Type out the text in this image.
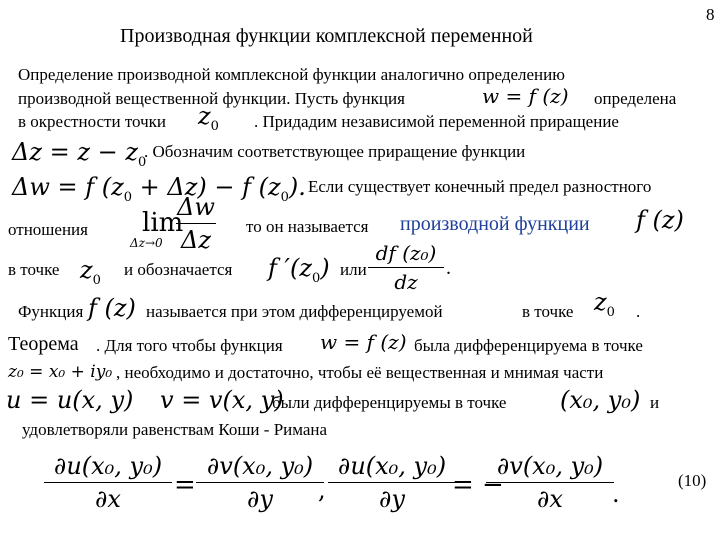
8
Производная функции комплексной переменной
Определение производной комплексной функции аналогично определению
производной вещественной функции. Пусть функция	w = f (z) определена
в окрестности точки $z_0$ . Придадим независимой переменной приращение
$\Delta z = z - z_0$
. Обозначим соответствующее приращение функции
Δw = f $(z_0 + \Delta z) - f$ $(z_0)$. Если существует конечный предел разностного
отношения lim
Δz→0
Δw
Δz то он называется производной функции f (z)
в точке $z_0$
и обозначается f $'(z_0)$ или
df (z₀)
dz
.
Функция f (z) называется при этом дифференцируемой	в точке $z_0$ .
Теорема . Для того чтобы функция w = f (z) была дифференцируема в точке
z₀ = x₀ + iy₀ , необходимо и достаточно, чтобы её вещественная и мнимая части
u = u(x, y) v = v(x, y)
были дифференцируемы в точке (x₀, y₀) и
удовлетворяли равенствам Коши - Римана
∂u(x₀, y₀)
∂x	=
∂v(x₀, y₀)
∂y	,
∂u(x₀, y₀)
∂y	= −
∂v(x₀, y₀)
∂x	.	(10)
